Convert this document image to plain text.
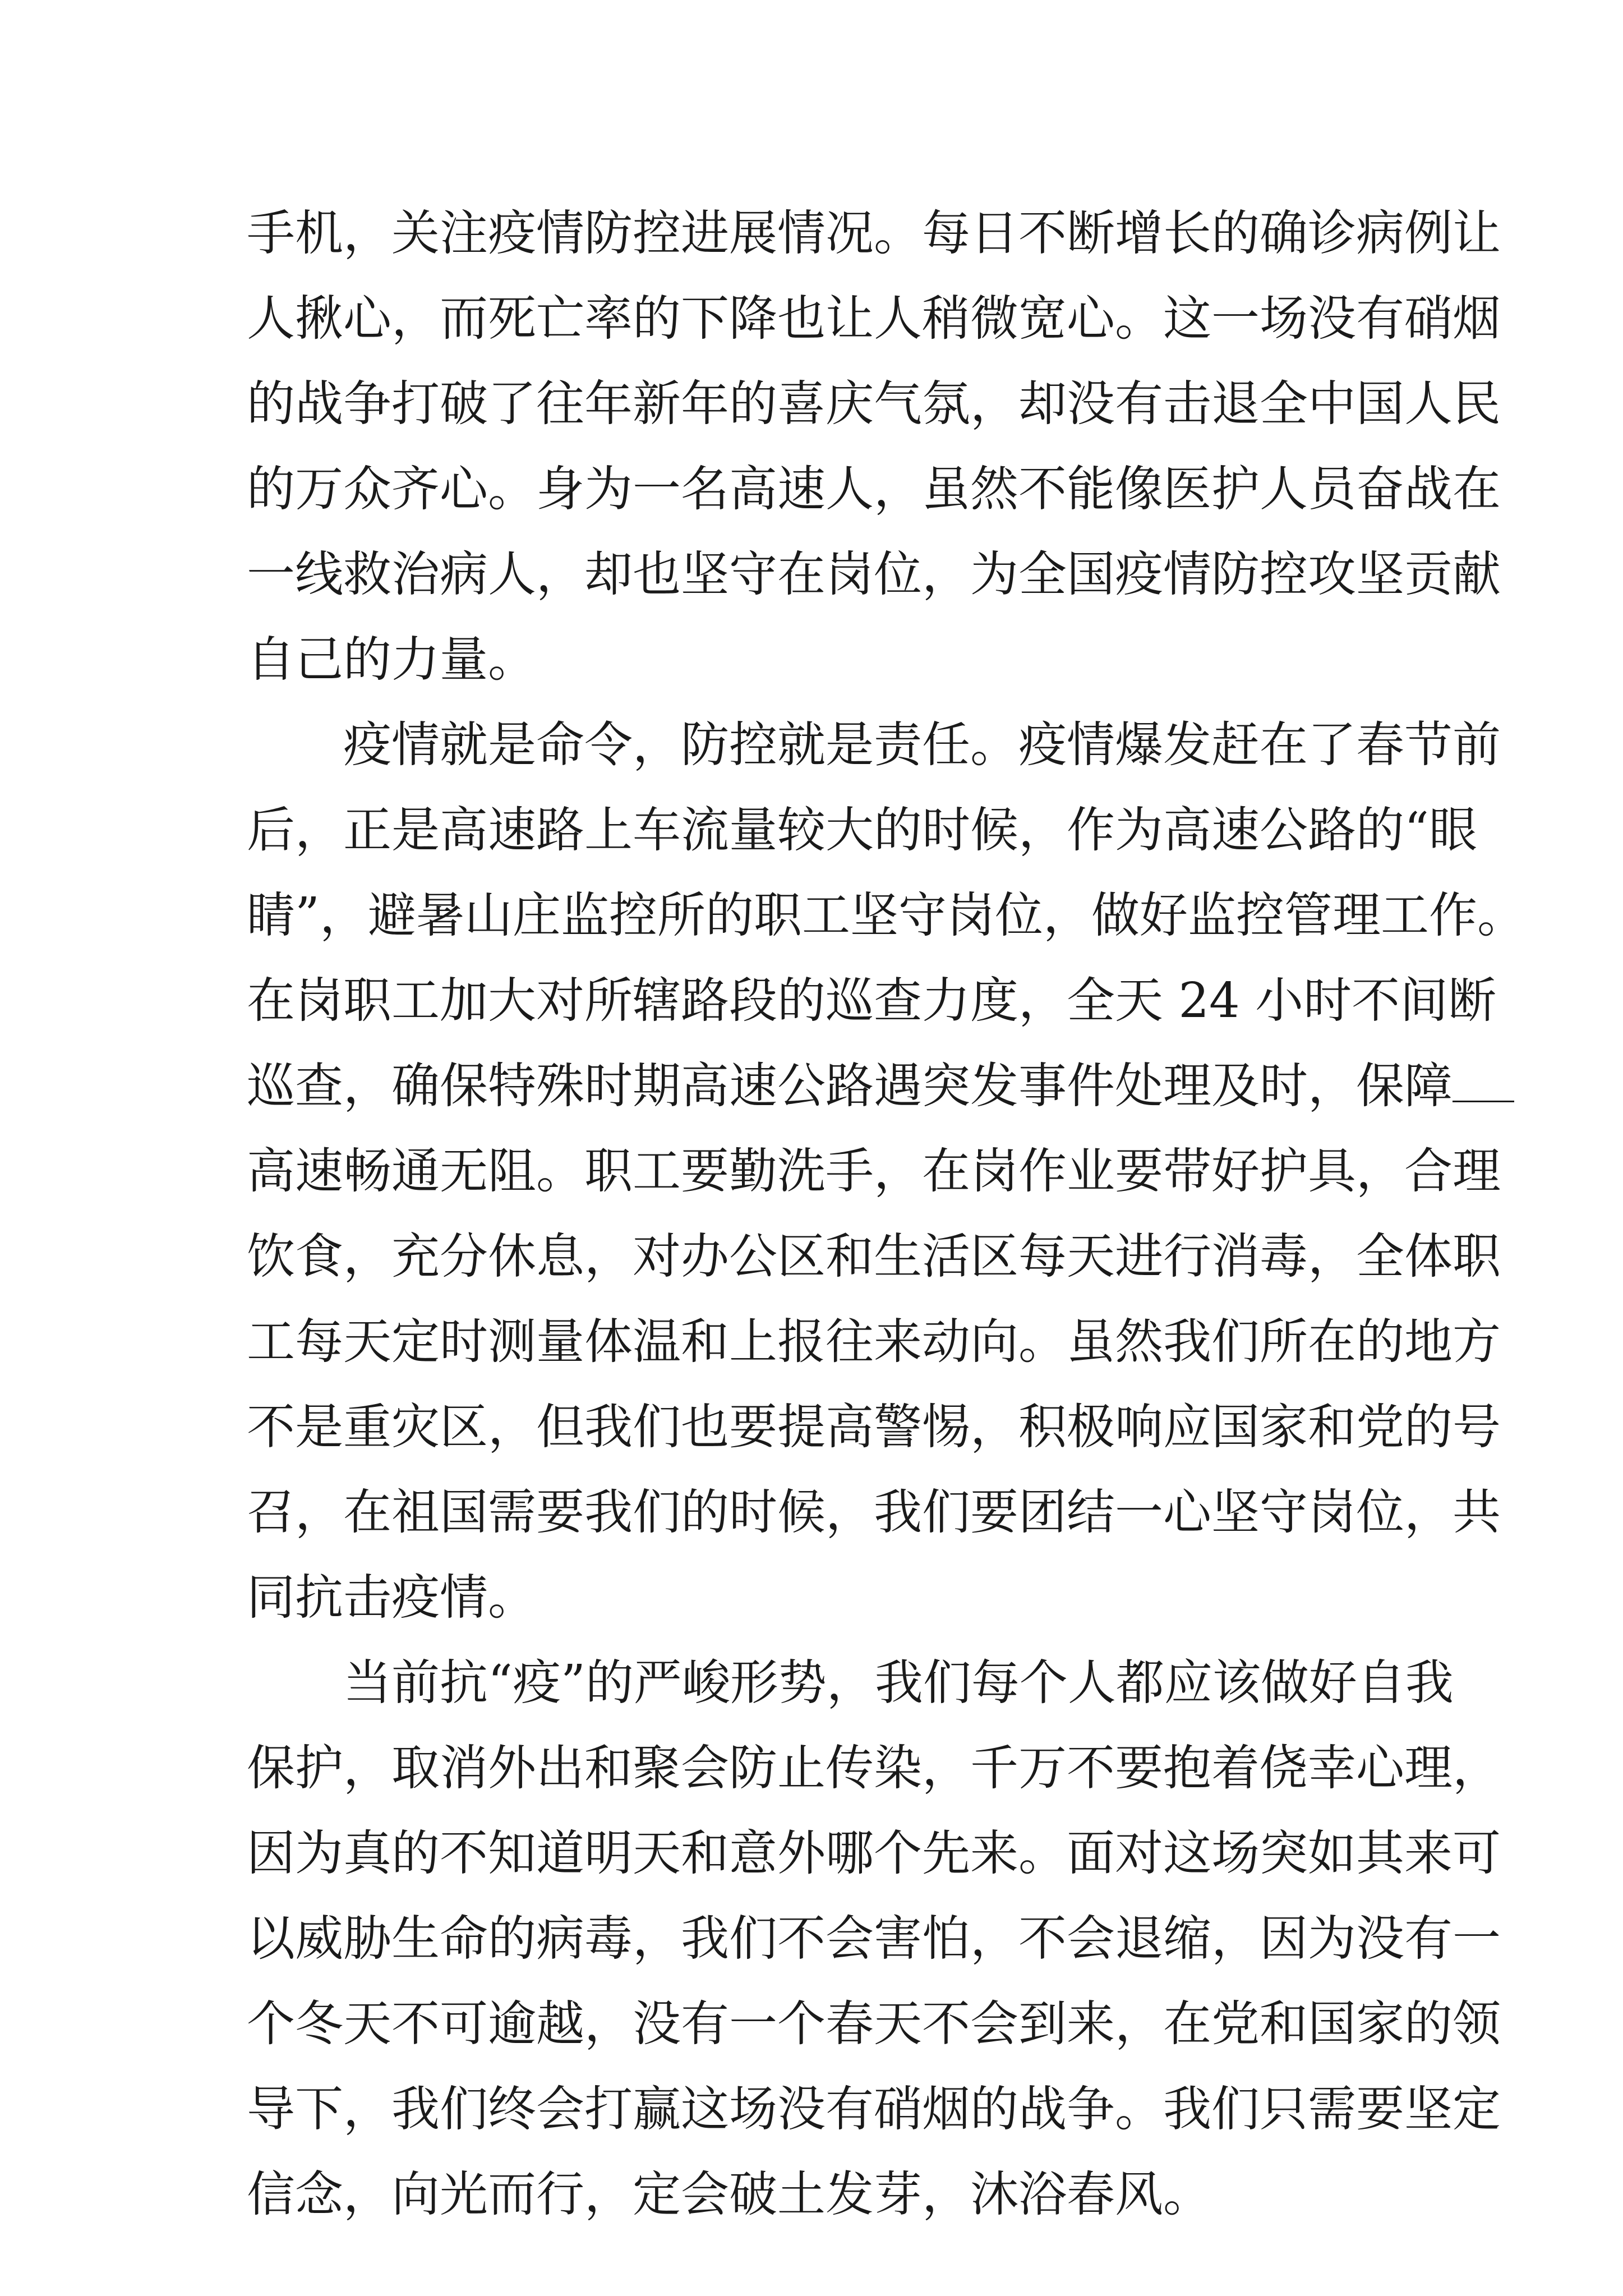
手机，关注疫情防控进展情况。每日不断增长的确诊病例让
人揪心，而死亡率的下降也让人稍微宽心。这一场没有硝烟
的战争打破了往年新年的喜庆气氛，却没有击退全中国人民
的万众齐心。身为一名高速人，虽然不能像医护人员奋战在
一线救治病人，却也坚守在岗位，为全国疫情防控攻坚贡献
自己的力量。
疫情就是命令，防控就是责任。疫情爆发赶在了春节前
后，正是高速路上车流量较大的时候，作为高速公路的“眼
睛”，避暑山庄监控所的职工坚守岗位，做好监控管理工作。
在岗职工加大对所辖路段的巡查力度，全天 24 小时不间断
巡查，确保特殊时期高速公路遇突发事件处理及时，保障
高速畅通无阻。职工要勤洗手，在岗作业要带好护具，合理
饮食，充分休息，对办公区和生活区每天进行消毒，全体职
工每天定时测量体温和上报往来动向。虽然我们所在的地方
不是重灾区，但我们也要提高警惕，积极响应国家和党的号
召，在祖国需要我们的时候，我们要团结一心坚守岗位，共
同抗击疫情。
当前抗“疫”的严峻形势，我们每个人都应该做好自我
保护，取消外出和聚会防止传染，千万不要抱着侥幸心理，
因为真的不知道明天和意外哪个先来。面对这场突如其来可
以威胁生命的病毒，我们不会害怕，不会退缩，因为没有一
个冬天不可逾越，没有一个春天不会到来，在党和国家的领
导下，我们终会打赢这场没有硝烟的战争。我们只需要坚定
信念，向光而行，定会破土发芽，沐浴春风。
